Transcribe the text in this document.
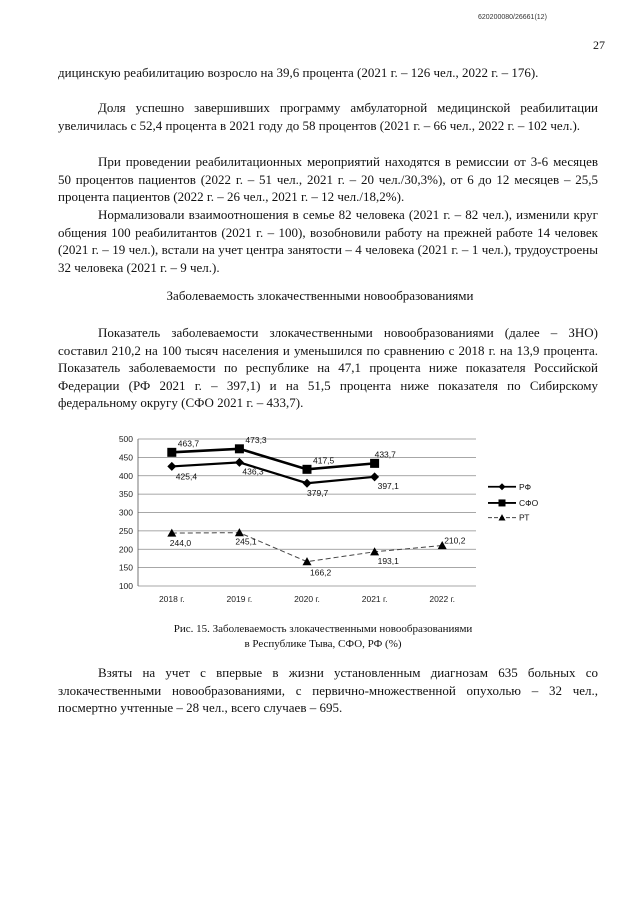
620200080/26661(12)
27

дицинскую реабилитацию возросло на 39,6 процента (2021 г. – 126 чел., 2022 г. – 176).

Доля успешно завершивших программу амбулаторной медицинской реабилитации увеличилась с 52,4 процента в 2021 году до 58 процентов (2021 г. – 66 чел., 2022 г. – 102 чел.).

При проведении реабилитационных мероприятий находятся в ремиссии от 3-6 месяцев 50 процентов пациентов (2022 г. – 51 чел., 2021 г. – 20 чел./30,3%), от 6 до 12 месяцев – 25,5 процента пациентов (2022 г. – 26 чел., 2021 г. – 12 чел./18,2%).

Нормализовали взаимоотношения в семье 82 человека (2021 г. – 82 чел.), изменили круг общения 100 реабилитантов (2021 г. – 100), возобновили работу на прежней работе 14 человек (2021 г. – 19 чел.), встали на учет центра занятости – 4 человека (2021 г. – 1 чел.), трудоустроены 32 человека (2021 г. – 9 чел.).

Заболеваемость злокачественными новообразованиями

Показатель заболеваемости злокачественными новообразованиями (далее – ЗНО) составил 210,2 на 100 тысяч населения и уменьшился по сравнению с 2018 г. на 13,9 процента. Показатель заболеваемости по республике на 47,1 процента ниже показателя Российской Федерации (РФ 2021 г. – 397,1) и на 51,5 процента ниже показателя по Сибирскому федеральному округу (СФО 2021 г. – 433,7).

100
150
200
250
300
350
400
450
500
2018 г.	2019 г.	2020 г.	2021 г.	2022 г.
425,4
436,3
379,7
397,1
463,7	473,3
417,5
433,7
244,0	245,1
166,2
193,1
210,2
РФ
СФО
РТ
Рис. 15. Заболеваемость злокачественными новообразованиями
в Республике Тыва, СФО, РФ (%)

Взяты на учет с впервые в жизни установленным диагнозам 635 больных со злокачественными новообразованиями, с первично-множественной опухолью – 32 чел., посмертно учтенные – 28 чел., всего случаев – 695.
